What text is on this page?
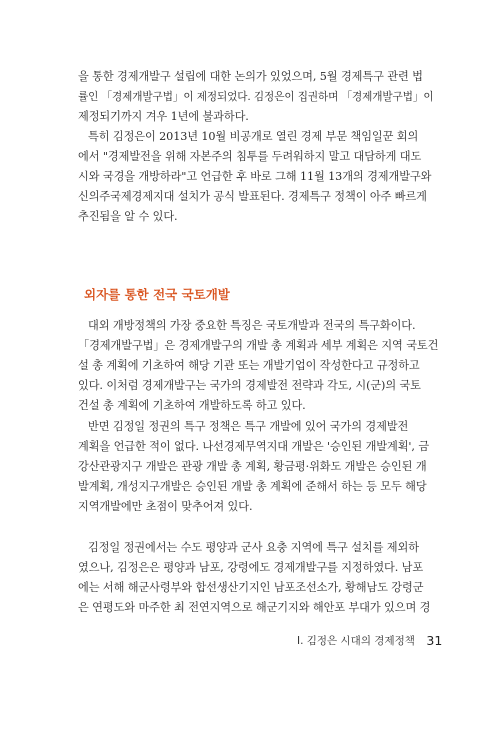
을 통한 경제개발구 설립에 대한 논의가 있었으며, 5월 경제특구 관련 법
률인 「경제개발구법」이 제정되었다. 김정은이 집권하며 「경제개발구법」이
제정되기까지 겨우 1년에 불과하다.
특히 김정은이 2013년 10월 비공개로 열린 경제 부문 책임일꾼 회의
에서 "경제발전을 위해 자본주의 침투를 두려워하지 말고 대담하게 대도
시와 국경을 개방하라"고 언급한 후 바로 그해 11월 13개의 경제개발구와
신의주국제경제지대 설치가 공식 발표된다. 경제특구 정책이 아주 빠르게
추진됨을 알 수 있다.
외자를 통한 전국 국토개발
대외 개방정책의 가장 중요한 특징은 국토개발과 전국의 특구화이다.
「경제개발구법」은 경제개발구의 개발 총 계획과 세부 계획은 지역 국토건
설 총 계획에 기초하여 해당 기관 또는 개발기업이 작성한다고 규정하고
있다. 이처럼 경제개발구는 국가의 경제발전 전략과 각도, 시(군)의 국토
건설 총 계획에 기초하여 개발하도록 하고 있다.
반면 김정일 정권의 특구 정책은 특구 개발에 있어 국가의 경제발전
계획을 언급한 적이 없다. 나선경제무역지대 개발은 '승인된 개발계획', 금
강산관광지구 개발은 관광 개발 총 계획, 황금평·위화도 개발은 승인된 개
발계획, 개성지구개발은 승인된 개발 총 계획에 준해서 하는 등 모두 해당
지역개발에만 초점이 맞추어져 있다.
김정일 정권에서는 수도 평양과 군사 요충 지역에 특구 설치를 제외하
였으나, 김정은은 평양과 남포, 강령에도 경제개발구를 지정하였다. 남포
에는 서해 해군사령부와 합선생산기지인 남포조선소가, 황해남도 강령군
은 연평도와 마주한 최 전연지역으로 해군기지와 해안포 부대가 있으며 경
Ⅰ. 김정은 시대의 경제정책 31
